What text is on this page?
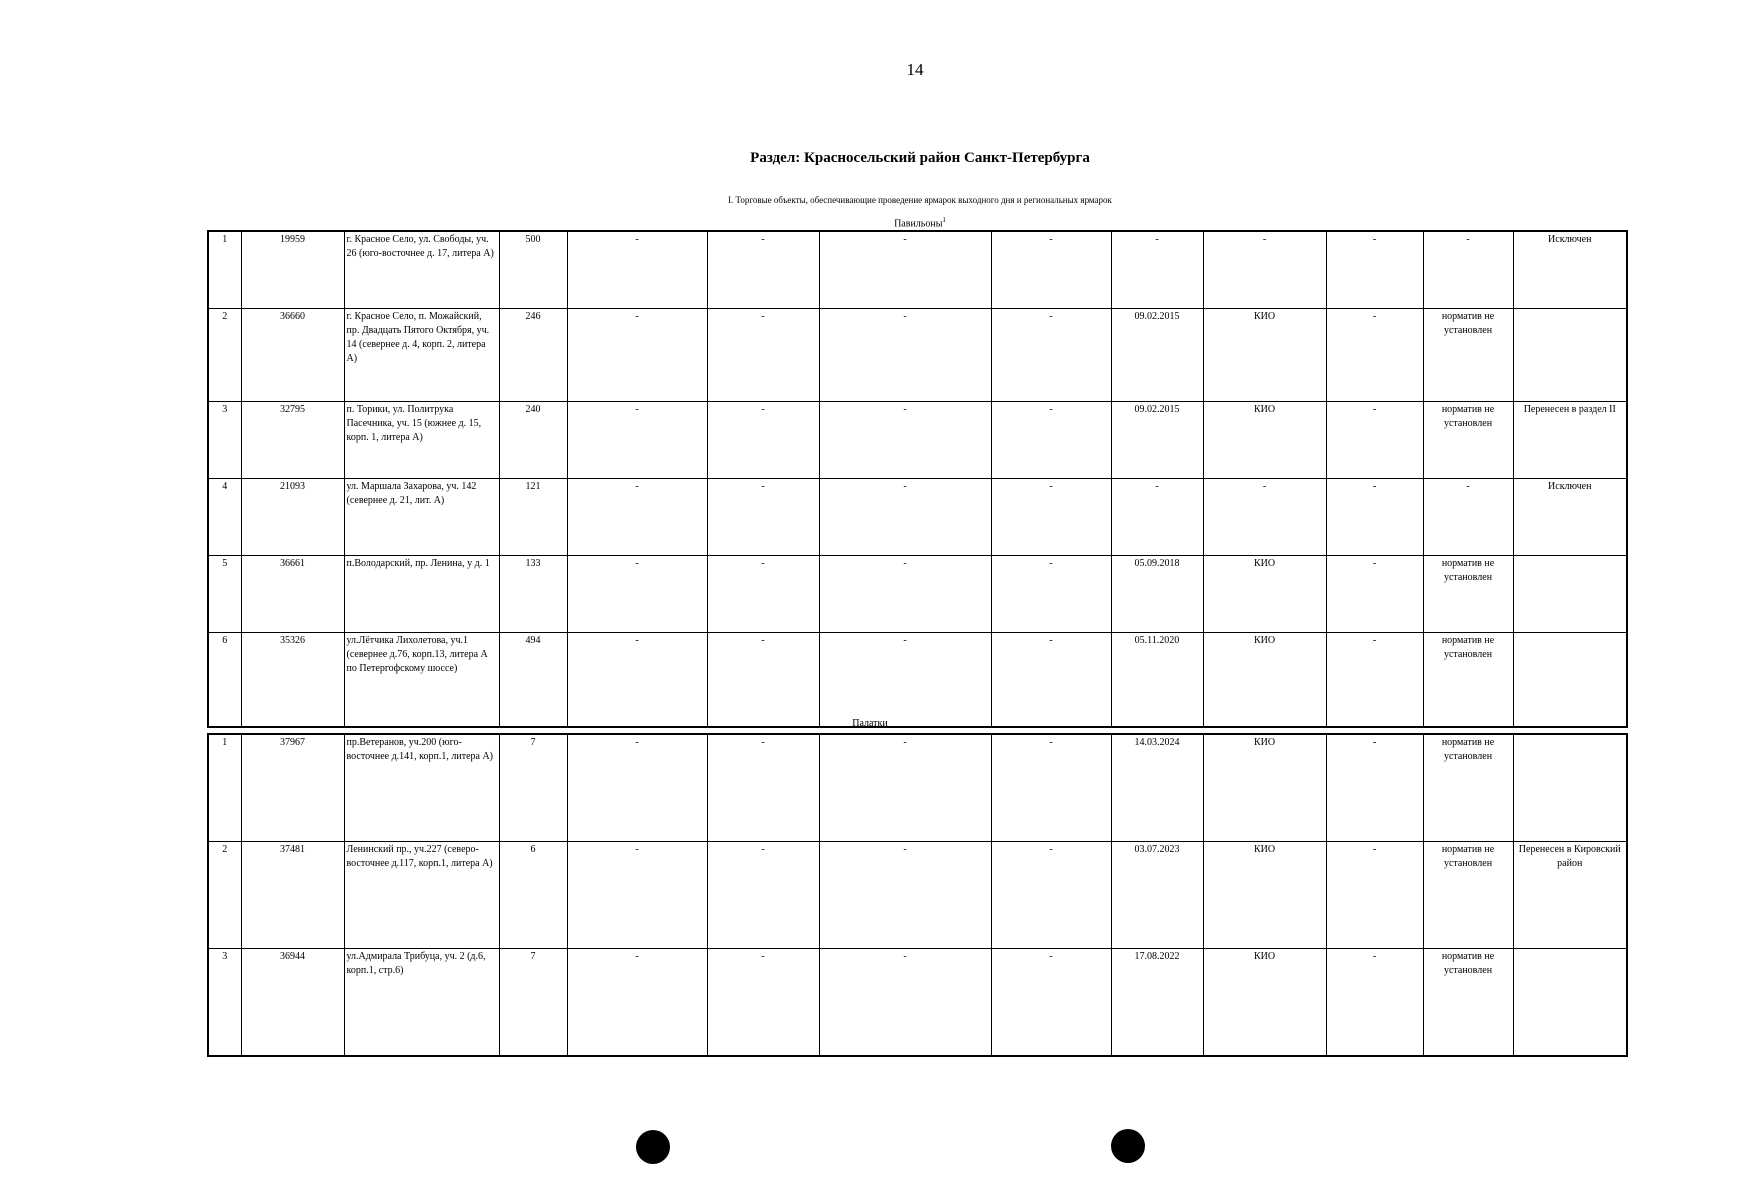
14
Раздел: Красносельский район Санкт-Петербурга
I. Торговые объекты, обеспечивающие проведение ярмарок выходного дня и региональных ярмарок
Павильоны$^1$
1	19959	г. Красное Село, ул. Свободы, уч. 26 (юго-восточнее д. 17, литера А)	500	-	-	-	-	-	-	-	-	Исключен
2	36660	г. Красное Село, п. Можайский, пр. Двадцать Пятого Октября, уч. 14 (севернее д. 4, корп. 2, литера А)	246	-	-	-	-	09.02.2015	КИО	-	норматив не установлен	
3	32795	п. Торики, ул. Политрука Пасечника, уч. 15 (южнее д. 15, корп. 1, литера А)	240	-	-	-	-	09.02.2015	КИО	-	норматив не установлен	Перенесен в раздел II
4	21093	ул. Маршала Захарова, уч. 142 (севернее д. 21, лит. А)	121	-	-	-	-	-	-	-	-	Исключен
5	36661	п.Володарский, пр. Ленина, у д. 1	133	-	-	-	-	05.09.2018	КИО	-	норматив не установлен	
6	35326	ул.Лётчика Лихолетова, уч.1 (севернее д.76, корп.13, литера А по Петергофскому шоссе)	494	-	-	-	-	05.11.2020	КИО	-	норматив не установлен	
Палатки
1	37967	пр.Ветеранов, уч.200 (юго-восточнее д.141, корп.1, литера А)	7	-	-	-	-	14.03.2024	КИО	-	норматив не установлен	
2	37481	Ленинский пр., уч.227 (северо-восточнее д.117, корп.1, литера А)	6	-	-	-	-	03.07.2023	КИО	-	норматив не установлен	Перенесен в Кировский район
3	36944	ул.Адмирала Трибуца, уч. 2 (д.6, корп.1, стр.6)	7	-	-	-	-	17.08.2022	КИО	-	норматив не установлен	
